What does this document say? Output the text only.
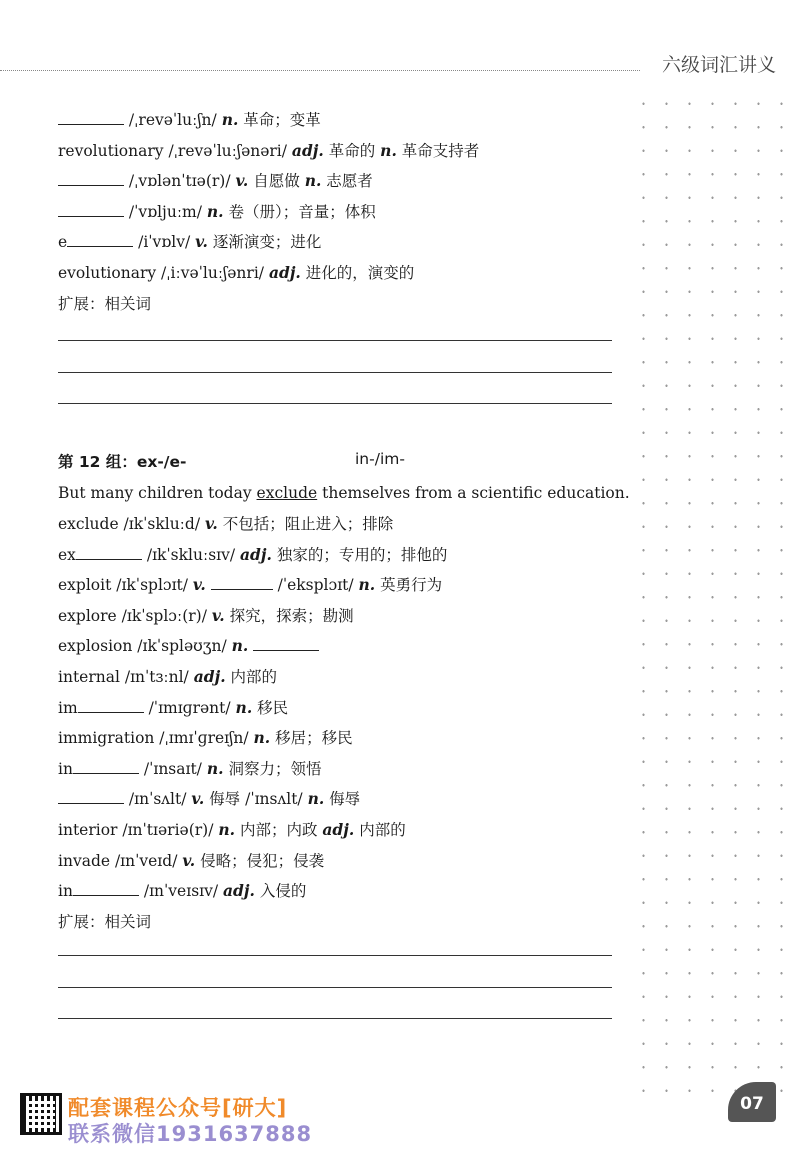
六级词汇讲义
/ˌrevəˈluːʃn/ n. 革命；变革
revolutionary /ˌrevəˈluːʃənəri/ adj. 革命的 n. 革命支持者
/ˌvɒlənˈtɪə(r)/ v. 自愿做 n. 志愿者
/ˈvɒljuːm/ n. 卷（册）；音量；体积
e	/iˈvɒlv/ v. 逐渐演变；进化
evolutionary /ˌiːvəˈluːʃənri/ adj. 进化的，演变的
扩展：相关词
第 12 组：ex-/e-	in-/im-
But many children today exclude themselves from a scientific education.
exclude /ɪkˈskluːd/ v. 不包括；阻止进入；排除
ex	/ɪkˈskluːsɪv/ adj. 独家的；专用的；排他的
exploit /ɪkˈsplɔɪt/ v.	/ˈeksplɔɪt/ n. 英勇行为
explore /ɪkˈsplɔː(r)/ v. 探究，探索；勘测
explosion /ɪkˈspləʊʒn/ n.
internal /ɪnˈtɜːnl/ adj. 内部的
im	/ˈɪmɪɡrənt/ n. 移民
immigration /ˌɪmɪˈɡreɪʃn/ n. 移居；移民
in	/ˈɪnsaɪt/ n. 洞察力；领悟
/ɪnˈsʌlt/ v. 侮辱 /ˈɪnsʌlt/ n. 侮辱
interior /ɪnˈtɪəriə(r)/ n. 内部；内政 adj. 内部的
invade /ɪnˈveɪd/ v. 侵略；侵犯；侵袭
in	/ɪnˈveɪsɪv/ adj. 入侵的
扩展：相关词
07
配套课程公众号[研大]
联系微信1931637888
